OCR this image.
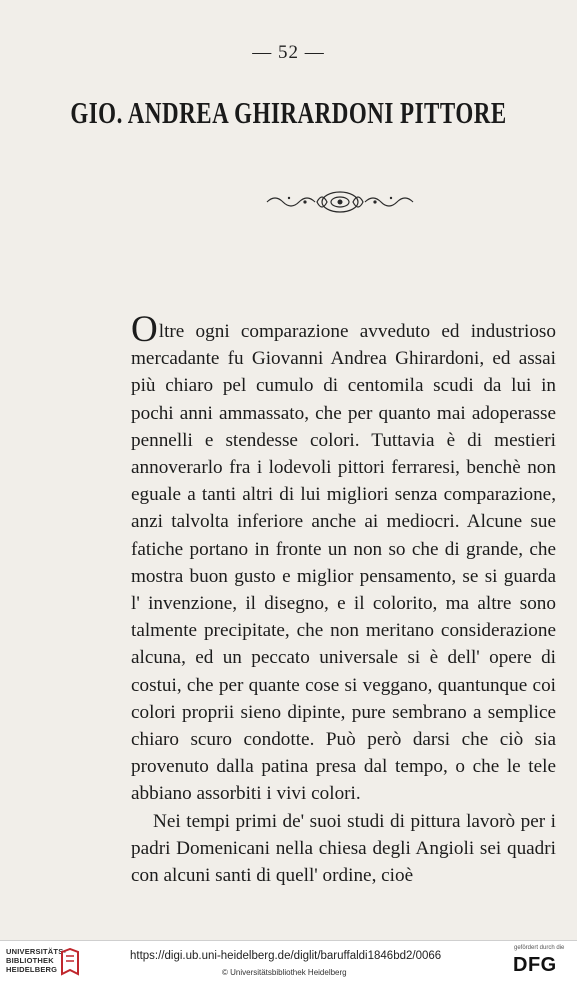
— 52 —
GIO. ANDREA GHIRARDONI PITTORE

Oltre ogni comparazione avveduto ed industrioso mercadante fu Giovanni Andrea Ghirardoni, ed assai più chiaro pel cumulo di centomila scudi da lui in pochi anni ammassato, che per quanto mai adoperasse pennelli e stendesse colori. Tuttavia è di mestieri annoverarlo fra i lodevoli pittori ferraresi, benchè non eguale a tanti altri di lui migliori senza comparazione, anzi talvolta inferiore anche ai mediocri. Alcune sue fatiche portano in fronte un non so che di grande, che mostra buon gusto e miglior pensamento, se si guarda l' invenzione, il disegno, e il colorito, ma altre sono talmente precipitate, che non meritano considerazione alcuna, ed un peccato universale si è dell' opere di costui, che per quante cose si veggano, quantunque coi colori proprii sieno dipinte, pure sembrano a semplice chiaro scuro condotte. Può però darsi che ciò sia provenuto dalla patina presa dal tempo, o che le tele abbiano assorbiti i vivi colori.

Nei tempi primi de' suoi studi di pittura lavorò per i padri Domenicani nella chiesa degli Angioli sei quadri con alcuni santi di quell' ordine, cioè

UNIVERSITÄTS-
BIBLIOTHEK
HEIDELBERG
https://digi.ub.uni-heidelberg.de/diglit/baruffaldi1846bd2/0066
© Universitätsbibliothek Heidelberg
gefördert durch die
DFG
